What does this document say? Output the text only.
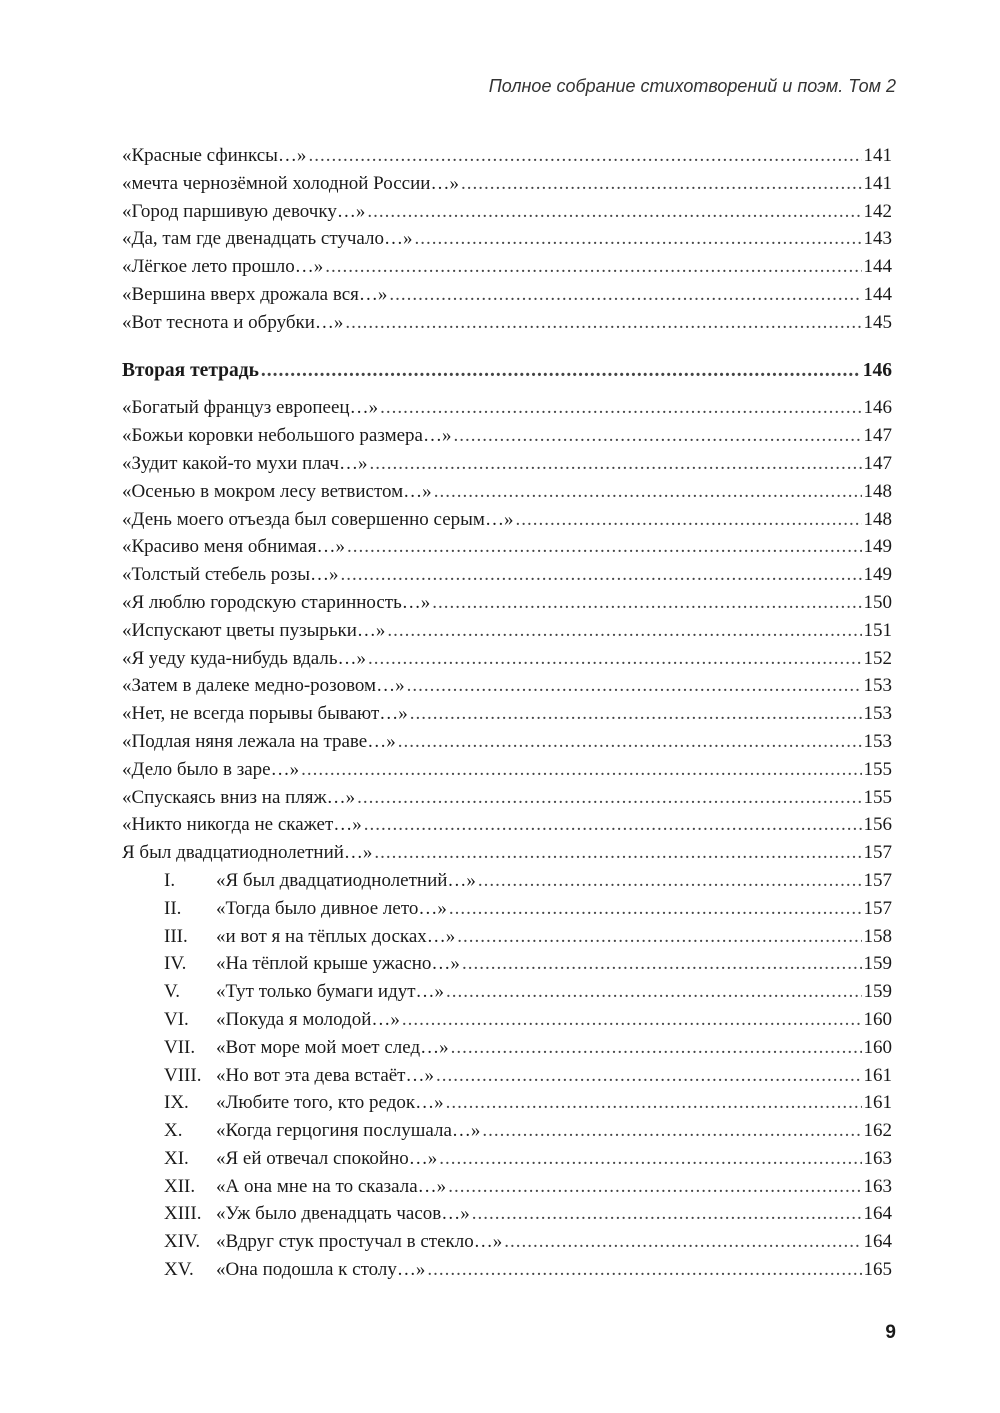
Полное собрание стихотворений и поэм. Том 2
«Красные сфинксы…» .....	141
«мечта чернозёмной холодной России…» .....	141
«Город паршивую девочку…» .....	142
«Да, там где двенадцать стучало…» .....	143
«Лёгкое лето прошло…» .....	144
«Вершина вверх дрожала вся…» .....	144
«Вот теснота и обрубки…» .....	145
Вторая тетрадь .....	146
«Богатый француз европеец…» .....	146
«Божьи коровки небольшого размера…» .....	147
«Зудит какой-то мухи плач…» .....	147
«Осенью в мокром лесу ветвистом…» .....	148
«День моего отъезда был совершенно серым…» .....	148
«Красиво меня обнимая…» .....	149
«Толстый стебель розы…» .....	149
«Я люблю городскую старинность…» .....	150
«Испускают цветы пузырьки…» .....	151
«Я уеду куда-нибудь вдаль…» .....	152
«Затем в далеке медно-розовом…» .....	153
«Нет, не всегда порывы бывают…» .....	153
«Подлая няня лежала на траве…» .....	153
«Дело было в заре…» .....	155
«Спускаясь вниз на пляж…» .....	155
«Никто никогда не скажет…» .....	156
Я был двадцатиоднолетний…» .....	157
I.	«Я был двадцатиоднолетний…» .....	157
II.	«Тогда было дивное лето…» .....	157
III.	«и вот я на тёплых досках…» .....	158
IV.	«На тёплой крыше ужасно…» .....	159
V.	«Тут только бумаги идут…» .....	159
VI.	«Покуда я молодой…» .....	160
VII.	«Вот море мой моет след…» .....	160
VIII. «Но вот эта дева встаёт…» .....	161
IX.	«Любите того, кто редок…» .....	161
X.	«Когда герцогиня послушала…» .....	162
XI.	«Я ей отвечал спокойно…» .....	163
XII.	«А она мне на то сказала…» .....	163
XIII. «Уж было двенадцать часов…» .....	164
XIV. «Вдруг стук простучал в стекло…» .....	164
XV.	«Она подошла к столу…» .....	165
9
